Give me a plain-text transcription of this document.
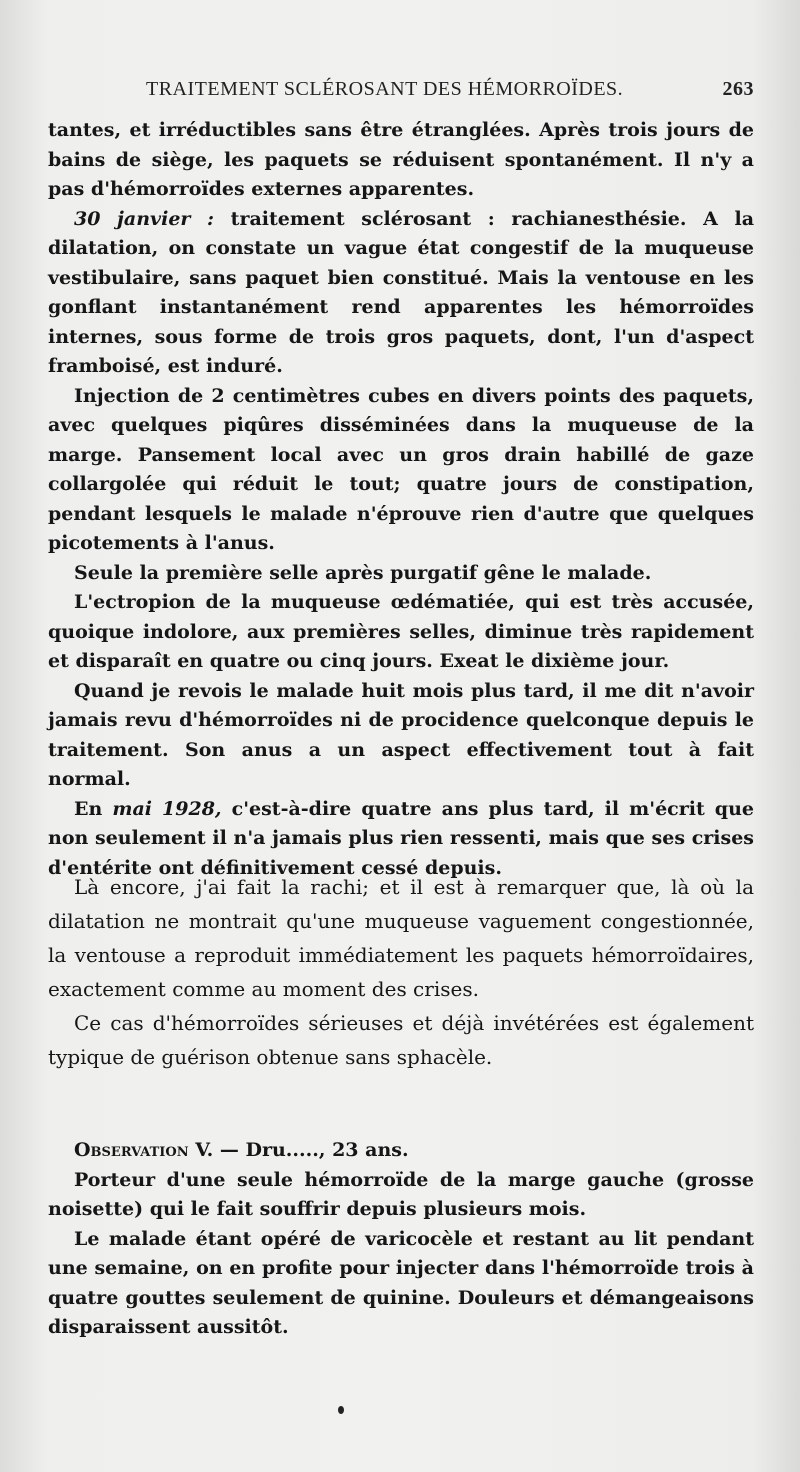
TRAITEMENT SCLÉROSANT DES HÉMORROÏDES.	263

tantes, et irréductibles sans être étranglées. Après trois jours de bains de siège, les paquets se réduisent spontanément. Il n'y a pas d'hémorroïdes externes apparentes.

30 janvier : traitement sclérosant : rachianesthésie. A la dilatation, on constate un vague état congestif de la muqueuse vestibulaire, sans paquet bien constitué. Mais la ventouse en les gonflant instantanément rend apparentes les hémorroïdes internes, sous forme de trois gros paquets, dont, l'un d'aspect framboisé, est induré.

Injection de 2 centimètres cubes en divers points des paquets, avec quelques piqûres disséminées dans la muqueuse de la marge. Pansement local avec un gros drain habillé de gaze collargolée qui réduit le tout; quatre jours de constipation, pendant lesquels le malade n'éprouve rien d'autre que quelques picotements à l'anus.

Seule la première selle après purgatif gêne le malade.

L'ectropion de la muqueuse œdématiée, qui est très accusée, quoique indolore, aux premières selles, diminue très rapidement et disparaît en quatre ou cinq jours. Exeat le dixième jour.

Quand je revois le malade huit mois plus tard, il me dit n'avoir jamais revu d'hémorroïdes ni de procidence quelconque depuis le traitement. Son anus a un aspect effectivement tout à fait normal.

En mai 1928, c'est-à-dire quatre ans plus tard, il m'écrit que non seulement il n'a jamais plus rien ressenti, mais que ses crises d'entérite ont définitivement cessé depuis.

Là encore, j'ai fait la rachi; et il est à remarquer que, là où la dilatation ne montrait qu'une muqueuse vaguement congestionnée, la ventouse a reproduit immédiatement les paquets hémorroïdaires, exactement comme au moment des crises.

Ce cas d'hémorroïdes sérieuses et déjà invétérées est également typique de guérison obtenue sans sphacèle.

Observation V. — Dru....., 23 ans.

Porteur d'une seule hémorroïde de la marge gauche (grosse noisette) qui le fait souffrir depuis plusieurs mois.

Le malade étant opéré de varicocèle et restant au lit pendant une semaine, on en profite pour injecter dans l'hémorroïde trois à quatre gouttes seulement de quinine. Douleurs et démangeaisons disparaissent aussitôt.
